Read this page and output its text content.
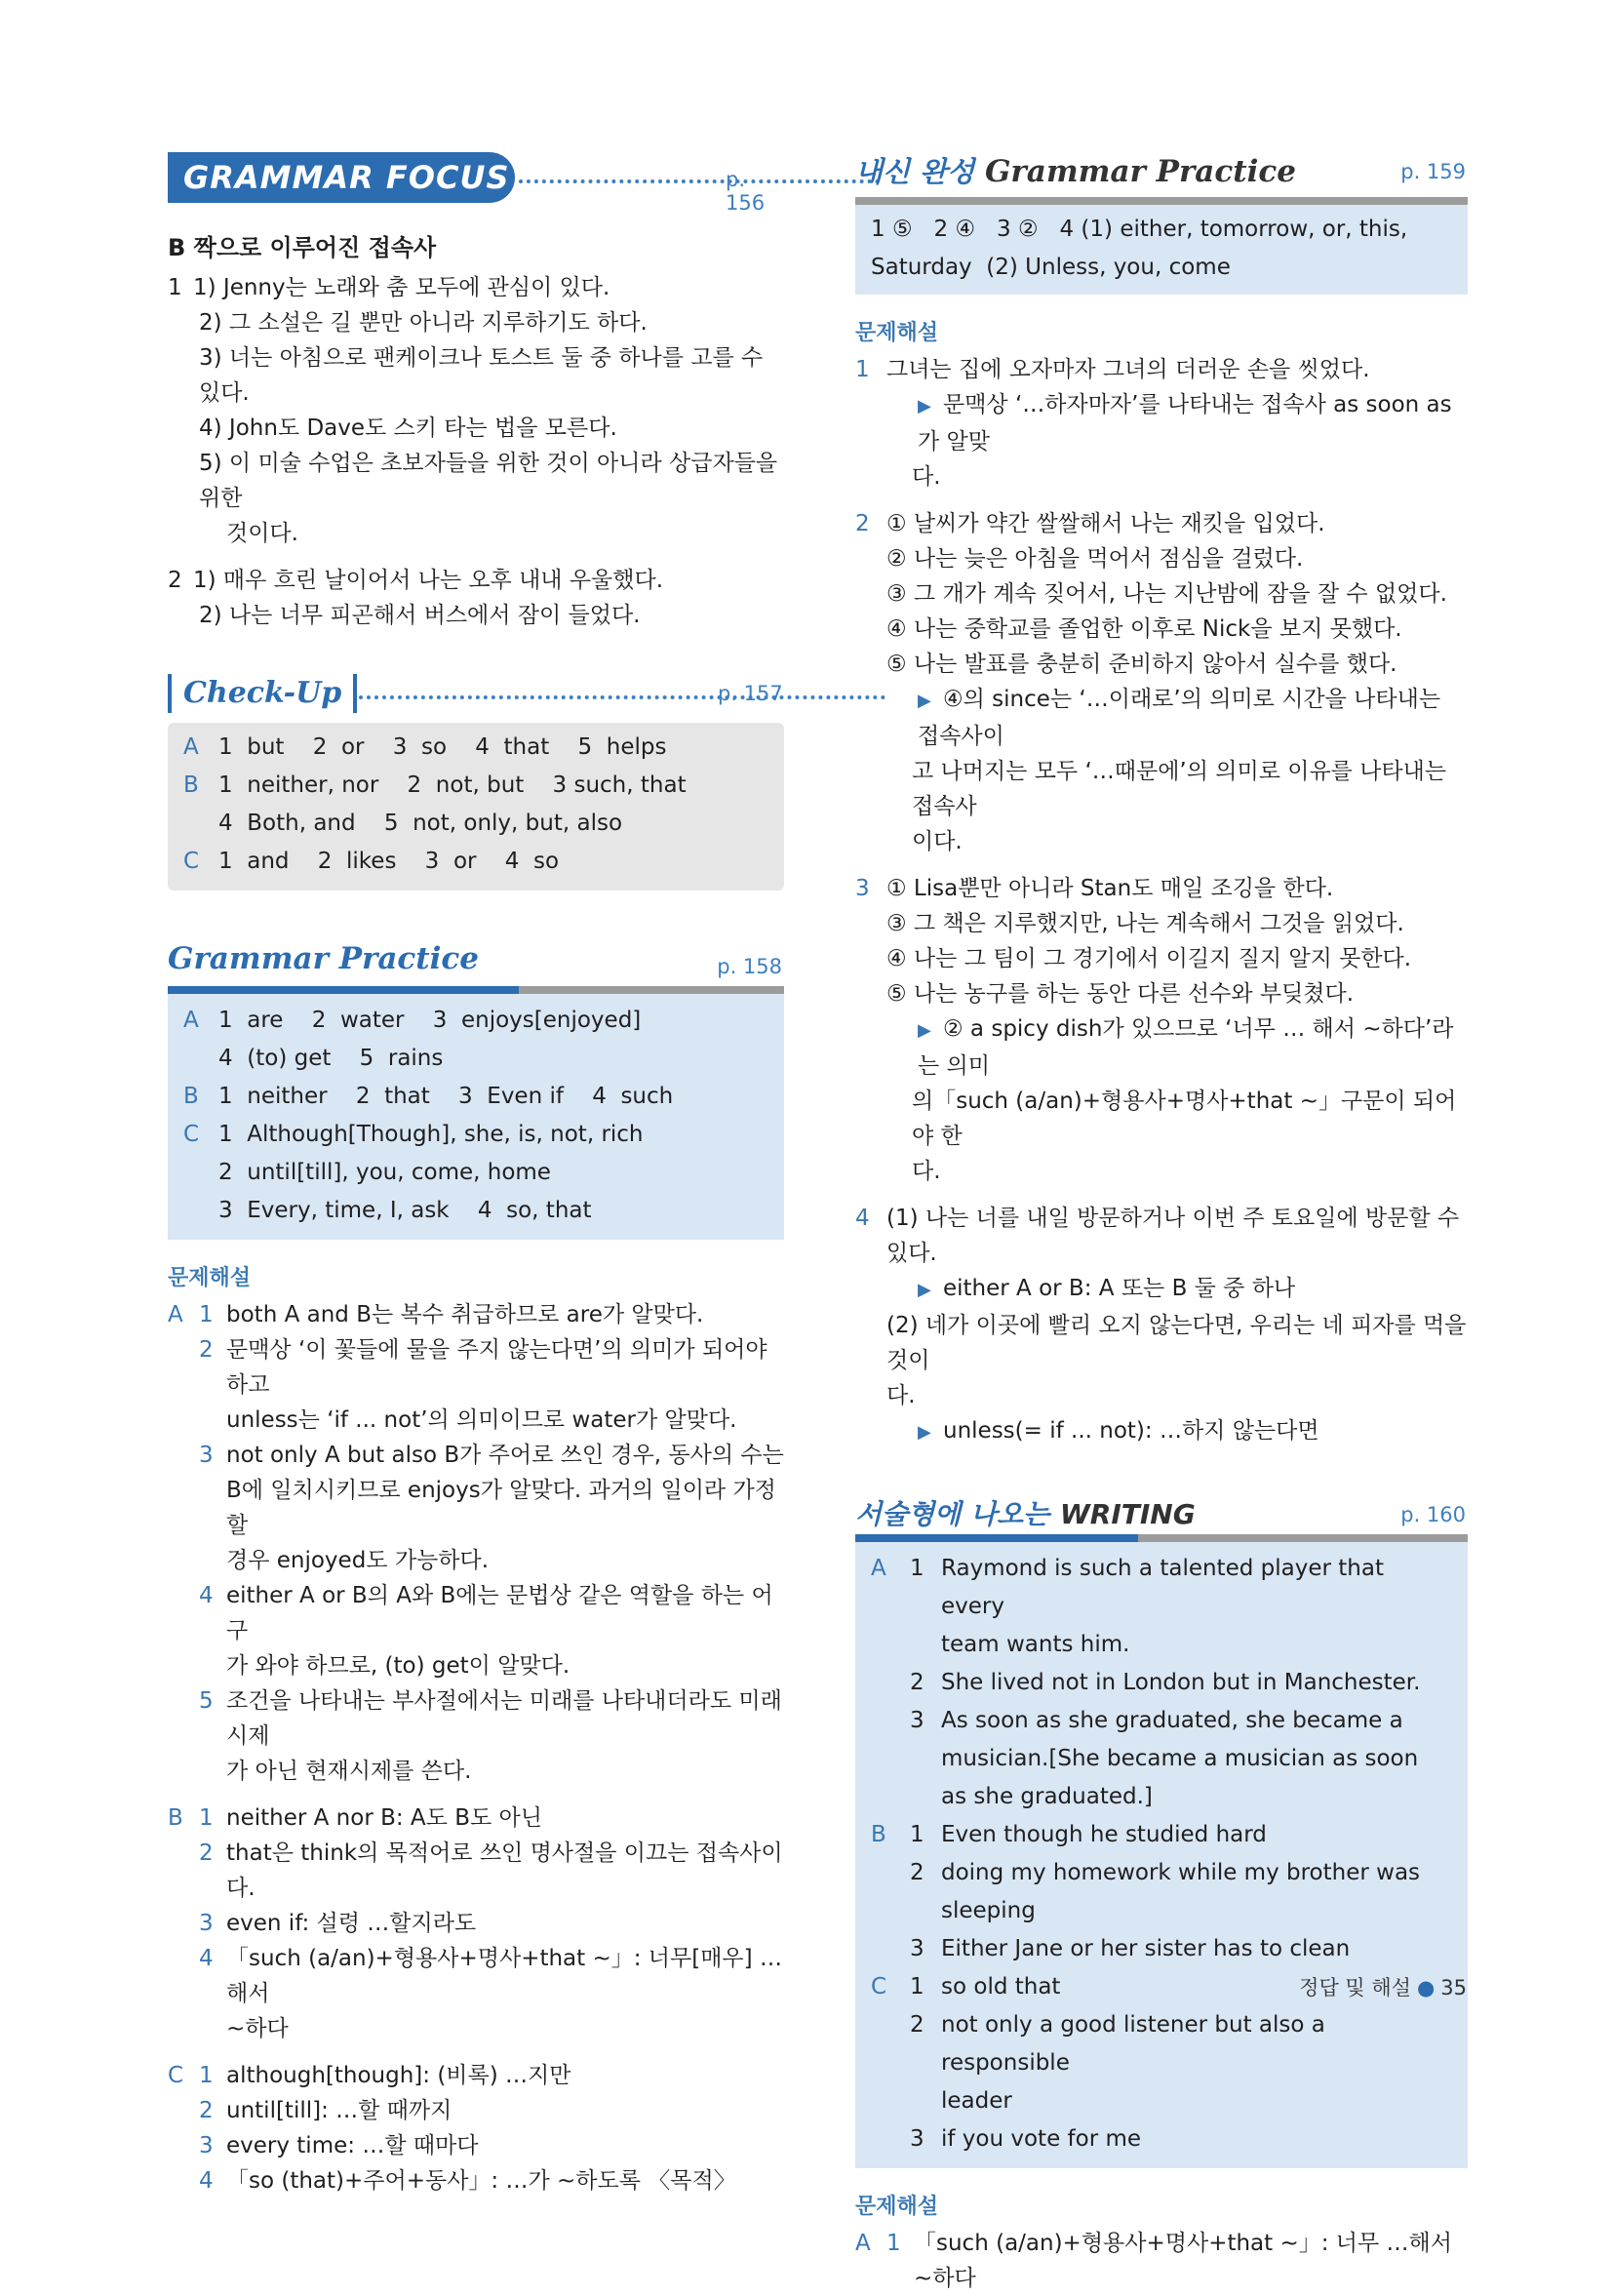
GRAMMAR FOCUS	p. 156
B 짝으로 이루어진 접속사
1 1) Jenny는 노래와 춤 모두에 관심이 있다.
2) 그 소설은 길 뿐만 아니라 지루하기도 하다.
3) 너는 아침으로 팬케이크나 토스트 둘 중 하나를 고를 수 있다.
4) John도 Dave도 스키 타는 법을 모른다.
5) 이 미술 수업은 초보자들을 위한 것이 아니라 상급자들을 위한
것이다.
2 1) 매우 흐린 날이어서 나는 오후 내내 우울했다.
2) 나는 너무 피곤해서 버스에서 잠이 들었다.
Check-Up	p. 157
A 1  but    2  or    3  so    4  that    5  helps
B 1  neither, nor    2  not, but    3 such, that
4  Both, and    5  not, only, but, also
C 1  and    2  likes    3  or    4  so
Grammar Practice	p. 158
A 1  are    2  water    3  enjoys[enjoyed]
4  (to) get    5  rains
B 1  neither    2  that    3  Even if    4  such
C 1  Although[Though], she, is, not, rich
2  until[till], you, come, home
3  Every, time, I, ask    4  so, that
문제해설
A 1 both A and B는 복수 취급하므로 are가 알맞다.
2 문맥상 ‘이 꽃들에 물을 주지 않는다면’의 의미가 되어야 하고
unless는 ‘if ... not’의 의미이므로 water가 알맞다.
3 not only A but also B가 주어로 쓰인 경우, 동사의 수는
B에 일치시키므로 enjoys가 알맞다. 과거의 일이라 가정할
경우 enjoyed도 가능하다.
4 either A or B의 A와 B에는 문법상 같은 역할을 하는 어구
가 와야 하므로, (to) get이 알맞다.
5 조건을 나타내는 부사절에서는 미래를 나타내더라도 미래시제
가 아닌 현재시제를 쓴다.
B 1 neither A nor B: A도 B도 아닌
2 that은 think의 목적어로 쓰인 명사절을 이끄는 접속사이다.
3 even if: 설령 …할지라도
4 「such (a/an)+형용사+명사+that ~」: 너무[매우] …해서
~하다
C 1 although[though]: (비록) …지만
2 until[till]: …할 때까지
3 every time: …할 때마다
4 「so (that)+주어+동사」: …가 ~하도록 〈목적〉
내신 완성 Grammar Practice	p. 159
1 ⑤   2 ④   3 ②   4 (1) either, tomorrow, or, this,
Saturday  (2) Unless, you, come
문제해설
1 그녀는 집에 오자마자 그녀의 더러운 손을 씻었다.
▶ 문맥상 ‘…하자마자’를 나타내는 접속사 as soon as가 알맞
다.
2 ① 날씨가 약간 쌀쌀해서 나는 재킷을 입었다.
② 나는 늦은 아침을 먹어서 점심을 걸렀다.
③ 그 개가 계속 짖어서, 나는 지난밤에 잠을 잘 수 없었다.
④ 나는 중학교를 졸업한 이후로 Nick을 보지 못했다.
⑤ 나는 발표를 충분히 준비하지 않아서 실수를 했다.
▶ ④의 since는 ‘…이래로’의 의미로 시간을 나타내는 접속사이
고 나머지는 모두 ‘…때문에’의 의미로 이유를 나타내는 접속사
이다.
3 ① Lisa뿐만 아니라 Stan도 매일 조깅을 한다.
③ 그 책은 지루했지만, 나는 계속해서 그것을 읽었다.
④ 나는 그 팀이 그 경기에서 이길지 질지 알지 못한다.
⑤ 나는 농구를 하는 동안 다른 선수와 부딪쳤다.
▶ ② a spicy dish가 있으므로 ‘너무 … 해서 ~하다’라는 의미
의「such (a/an)+형용사+명사+that ~」구문이 되어야 한
다.
4 (1) 나는 너를 내일 방문하거나 이번 주 토요일에 방문할 수 있다.
▶ either A or B: A 또는 B 둘 중 하나
(2) 네가 이곳에 빨리 오지 않는다면, 우리는 네 피자를 먹을 것이
다.
▶ unless(= if ... not): …하지 않는다면
서술형에 나오는 WRITING	p. 160
A 1 Raymond is such a talented player that every
team wants him.
2 She lived not in London but in Manchester.
3 As soon as she graduated, she became a
musician.[She became a musician as soon
as she graduated.]
B 1 Even though he studied hard
2 doing my homework while my brother was
sleeping
3 Either Jane or her sister has to clean
C 1 so old that
2 not only a good listener but also a responsible
leader
3 if you vote for me
문제해설
A 1 「such (a/an)+형용사+명사+that ~」: 너무 …해서 ~하다
정답 및 해설 ● 35
